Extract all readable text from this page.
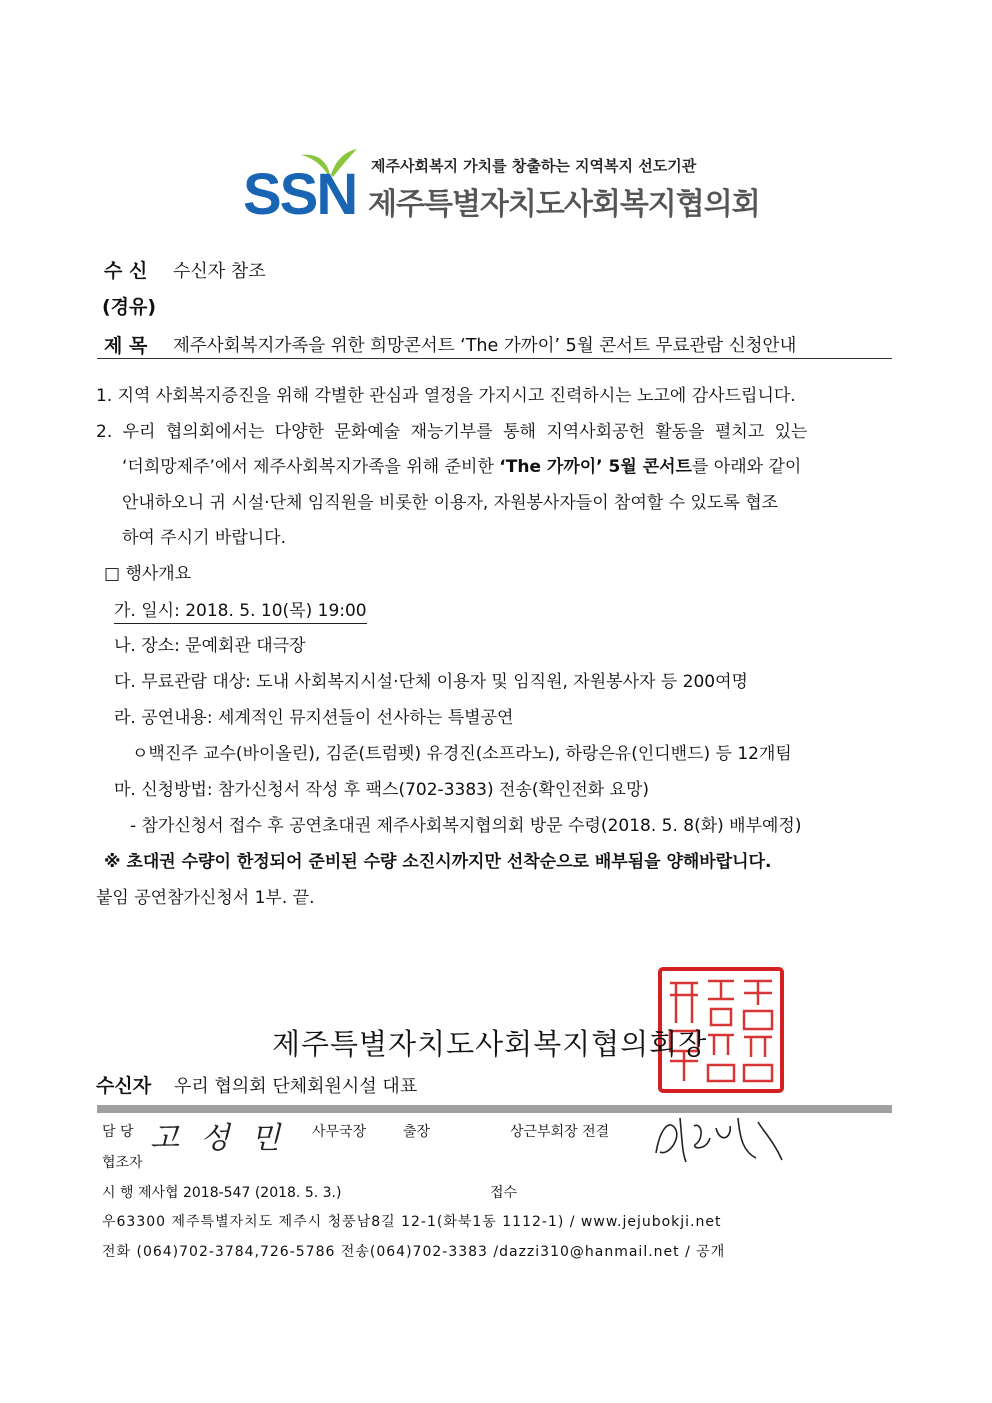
SSN 제주사회복지 가치를 창출하는 지역복지 선도기관
제주특별자치도사회복지협의회
수 신 수신자 참조
(경유)
제 목 제주사회복지가족을 위한 희망콘서트 ‘The 가까이’ 5월 콘서트 무료관람 신청안내
1. 지역 사회복지증진을 위해 각별한 관심과 열정을 가지시고 진력하시는 노고에 감사드립니다.
2. 우리 협의회에서는 다양한 문화예술 재능기부를 통해 지역사회공헌 활동을 펼치고 있는
‘더희망제주’에서 제주사회복지가족을 위해 준비한 ‘The 가까이’ 5월 콘서트를 아래와 같이
안내하오니 귀 시설·단체 임직원을 비롯한 이용자, 자원봉사자들이 참여할 수 있도록 협조
하여 주시기 바랍니다.
□ 행사개요
가. 일시: 2018. 5. 10(목) 19:00
나. 장소: 문예회관 대극장
다. 무료관람 대상: 도내 사회복지시설·단체 이용자 및 임직원, 자원봉사자 등 200여명
라. 공연내용: 세계적인 뮤지션들이 선사하는 특별공연
ㅇ백진주 교수(바이올린), 김준(트럼펫) 유경진(소프라노), 하랑은유(인디밴드) 등 12개팀
마. 신청방법: 참가신청서 작성 후 팩스(702-3383) 전송(확인전화 요망)
- 참가신청서 접수 후 공연초대권 제주사회복지협의회 방문 수령(2018. 5. 8(화) 배부예정)
※ 초대권 수량이 한정되어 준비된 수량 소진시까지만 선착순으로 배부됨을 양해바랍니다.
붙임 공연참가신청서 1부. 끝.
제주특별자치도사회복지협의회장
수신자 우리 협의회 단체회원시설 대표
담 당 고 성 민 사무국장	출장	상근부회장 전결
협조자
시 행 제사협 2018-547 (2018. 5. 3.)	접수
우63300 제주특별자치도 제주시 청풍남8길 12-1(화북1동 1112-1) / www.jejubokji.net
전화 (064)702-3784,726-5786 전송(064)702-3383 /dazzi310@hanmail.net / 공개
